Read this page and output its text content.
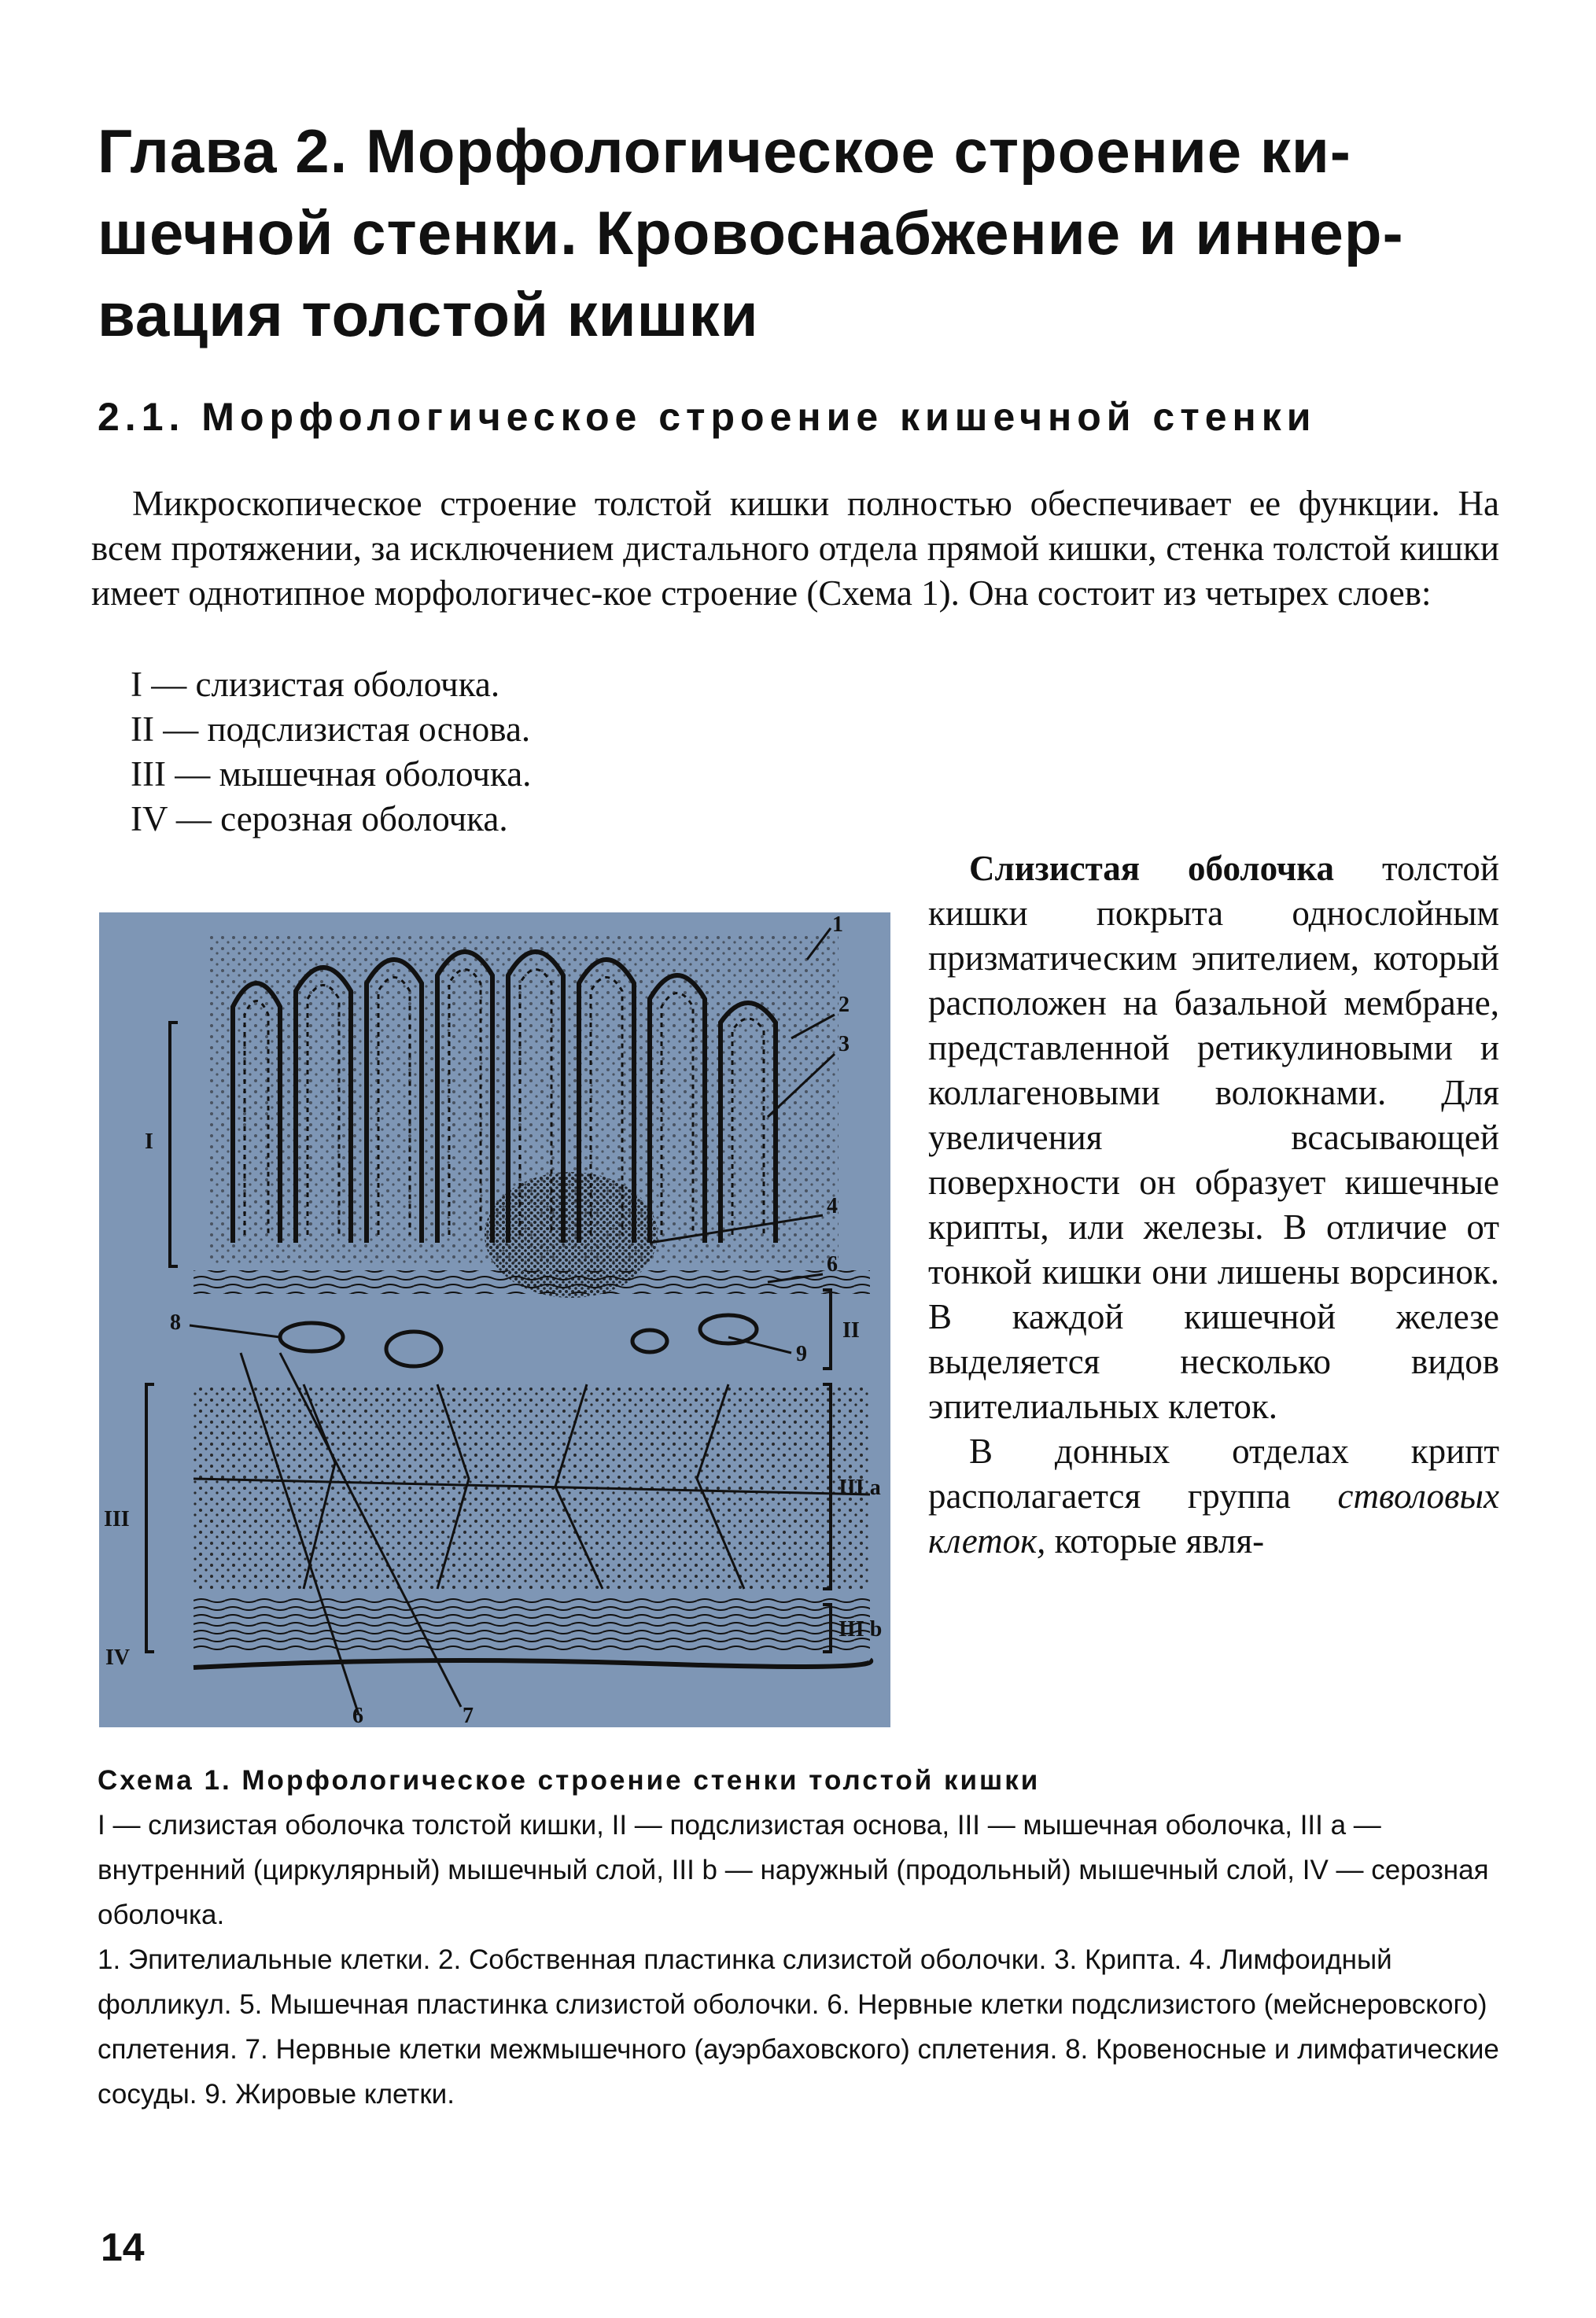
Глава 2. Морфологическое строение ки-
шечной стенки. Кровоснабжение и иннер-
вация толстой кишки
2.1. Морфологическое строение кишечной стенки

Микроскопическое строение толстой кишки полностью обеспечивает ее функции. На всем протяжении, за исключением дистального отдела прямой кишки, стенка толстой кишки имеет однотипное морфологичес-кое строение (Схема 1). Она состоит из четырех слоев:

I — слизистая оболочка.
II — подслизистая основа.
III — мышечная оболочка.
IV — серозная оболочка.
1
2
3
4
6
8
9
6	7
I
II
III a
III b
III
IV

Слизистая оболочка толстой кишки покрыта однослойным призматическим эпителием, который расположен на базальной мембране, представленной ретикулиновыми и коллагеновыми волокнами. Для увеличения всасывающей поверхности он образует кишечные крипты, или железы. В отличие от тонкой кишки они лишены ворсинок. В каждой кишечной железе выделяется несколько видов эпителиальных клеток.

В донных отделах крипт располагается группа стволовых клеток, которые явля-

Схема 1. Морфологическое строение стенки толстой кишки

I — слизистая оболочка толстой кишки, II — подслизистая основа, III — мышечная оболочка, III a — внутренний (циркулярный) мышечный слой, III b — наружный (продольный) мышечный слой, IV — серозная оболочка.

1. Эпителиальные клетки. 2. Собственная пластинка слизистой оболочки. 3. Крипта. 4. Лимфоидный фолликул. 5. Мышечная пластинка слизистой оболочки. 6. Нервные клетки подслизистого (мейснеровского) сплетения. 7. Нервные клетки межмышечного (ауэрбаховского) сплетения. 8. Кровеносные и лимфатические сосуды. 9. Жировые клетки.

14
